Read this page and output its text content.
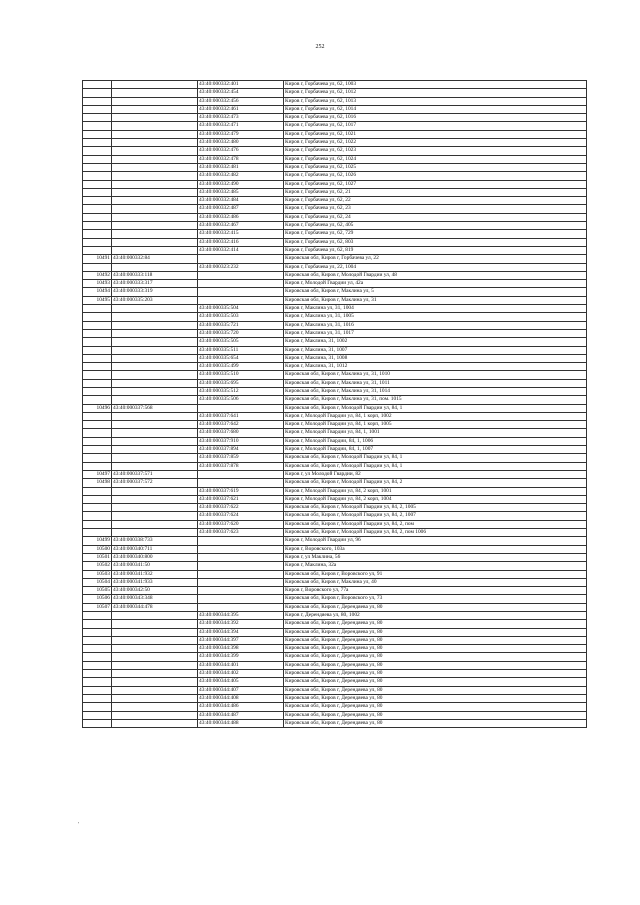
252
		43:40:000332:401	Киров г, Горбачева ул, 62, 1003
		43:40:000332:454	Киров г, Горбачева ул, 62, 1012
		43:40:000332:456	Киров г, Горбачева ул, 62, 1013
		43:40:000332:461	Киров г, Горбачева ул, 62, 1014
		43:40:000332:473	Киров г, Горбачева ул, 62, 1016
		43:40:000332:471	Киров г, Горбачева ул, 62, 1017
		43:40:000332:479	Киров г, Горбачева ул, 62, 1021
		43:40:000332:480	Киров г, Горбачева ул, 62, 1022
		43:40:000332:476	Киров г, Горбачева ул, 62, 1023
		43:40:000332:478	Киров г, Горбачева ул, 62, 1024
		43:40:000332:481	Киров г, Горбачева ул, 62, 1025
		43:40:000332:482	Киров г, Горбачева ул, 62, 1026
		43:40:000332:490	Киров г, Горбачева ул, 62, 1027
		43:40:000332:485	Киров г, Горбачева ул, 62, 21
		43:40:000332:484	Киров г, Горбачева ул, 62, 22
		43:40:000332:487	Киров г, Горбачева ул, 62, 23
		43:40:000332:486	Киров г, Горбачева ул, 62, 24
		43:40:000332:467	Киров г, Горбачева ул, 62, 405
		43:40:000332:415	Киров г, Горбачева ул, 62, 729
		43:40:000332:416	Киров г, Горбачева ул, 62, 803
		43:40:000332:414	Киров г, Горбачева ул, 62, 819
10491	43:40:000332:84		Кировская обл, Киров г, Горбачева ул, 22
		43:40:000323:232	Киров г, Горбачева ул, 22, 1004
10492	43:40:000333:118		Кировская обл, Киров г, Молодой Гвардии ул, 48
10493	43:40:000333:317		Киров г, Молодой Гвардии ул, 42а
10494	43:40:000333:319		Кировская обл, Киров г, Маклина ул, 5
10495	43:40:000335:203		Кировская обл, Киров г, Маклина ул, 31
		43:40:000335:504	Киров г, Маклина ул, 31, 1004
		43:40:000335:503	Киров г, Маклина ул, 31, 1005
		43:40:000335:721	Киров г, Маклина ул, 31, 1016
		43:40:000335:720	Киров г, Маклина ул, 31, 1017
		43:40:000335:505	Киров г, Маклина, 31, 1002
		43:40:000335:511	Киров г, Маклина, 31, 1007
		43:40:000335:654	Киров г, Маклина, 31, 1008
		43:40:000335:499	Киров г, Маклина, 31, 1012
		43:40:000335:510	Кировская обл, Киров г, Маклина ул, 31, 1010
		43:40:000335:695	Кировская обл, Киров г, Маклина ул, 31, 1011
		43:40:000335:512	Кировская обл, Киров г, Маклина ул, 31, 1014
		43:40:000335:506	Кировская обл, Киров г, Маклина ул, 31, пом. 1015
10496	43:40:000337:568		Кировская обл, Киров г, Молодой Гвардии ул, 84, 1
		43:40:000337:641	Киров г, Молодой Гвардии ул, 84, 1 корп, 1002
		43:40:000337:642	Киров г, Молодой Гвардии ул, 84, 1 корп, 1005
		43:40:000337:680	Киров г, Молодой Гвардии ул, 84, 1, 1001
		43:40:000337:910	Киров г, Молодой Гвардии, 84, 1, 1006
		43:40:000337:894	Киров г, Молодой Гвардии, 84, 1, 1007
		43:40:000337:859	Кировская обл, Киров г, Молодой Гвардии ул, 84, 1
		43:40:000337:878	Кировская обл, Киров г, Молодой Гвардии ул, 84, 1
10497	43:40:000337:571		Киров г, ул Молодой Гвардии, 82
10498	43:40:000337:572		Кировская обл, Киров г, Молодой Гвардии ул, 84, 2
		43:40:000337:619	Киров г, Молодой Гвардии ул, 84, 2 корп, 1001
		43:40:000337:621	Киров г, Молодой Гвардии ул, 84, 2 корп, 1004
		43:40:000337:622	Кировская обл, Киров г, Молодой Гвардии ул, 84, 2, 1005
		43:40:000337:624	Кировская обл, Киров г, Молодой Гвардии ул, 84, 2, 1007
		43:40:000337:620	Кировская обл, Киров г, Молодой Гвардии ул, 84, 2, пом
		43:40:000337:623	Кировская обл, Киров г, Молодой Гвардии ул, 84, 2, пом 1006
10499	43:40:000338:733		Киров г, Молодой Гвардии ул, 96
10500	43:40:000340:711		Киров г, Воровского, 103а
10501	43:40:000340:800		Киров г, ул Маклина, 56
10502	43:40:000341:50		Киров г, Маклина, 32а
10503	43:40:000341:932		Кировская обл, Киров г, Воровского ул, 91
10504	43:40:000341:933		Кировская обл, Киров г, Маклина ул, 40
10505	43:40:000342:50		Киров г, Воровского ул, 77а
10506	43:40:000343:348		Кировская обл, Киров г, Воровского ул, 73
10507	43:40:000344:478		Кировская обл, Киров г, Дерендяева ул, 80
		43:40:000344:395	Киров г, Дерендяева ул, 80, 1002
		43:40:000344:392	Кировская обл, Киров г, Дерендяева ул, 80
		43:40:000344:394	Кировская обл, Киров г, Дерендяева ул, 80
		43:40:000344:397	Кировская обл, Киров г, Дерендяева ул, 80
		43:40:000344:398	Кировская обл, Киров г, Дерендяева ул, 80
		43:40:000344:399	Кировская обл, Киров г, Дерендяева ул, 80
		43:40:000344:401	Кировская обл, Киров г, Дерендяева ул, 80
		43:40:000344:402	Кировская обл, Киров г, Дерендяева ул, 80
		43:40:000344:405	Кировская обл, Киров г, Дерендяева ул, 80
		43:40:000344:407	Кировская обл, Киров г, Дерендяева ул, 80
		43:40:000344:408	Кировская обл, Киров г, Дерендяева ул, 80
		43:40:000344:486	Кировская обл, Киров г, Дерендяева ул, 80
		43:40:000344:487	Кировская обл, Киров г, Дерендяева ул, 80
		43:40:000344:488	Кировская обл, Киров г, Дерендяева ул, 80
'
